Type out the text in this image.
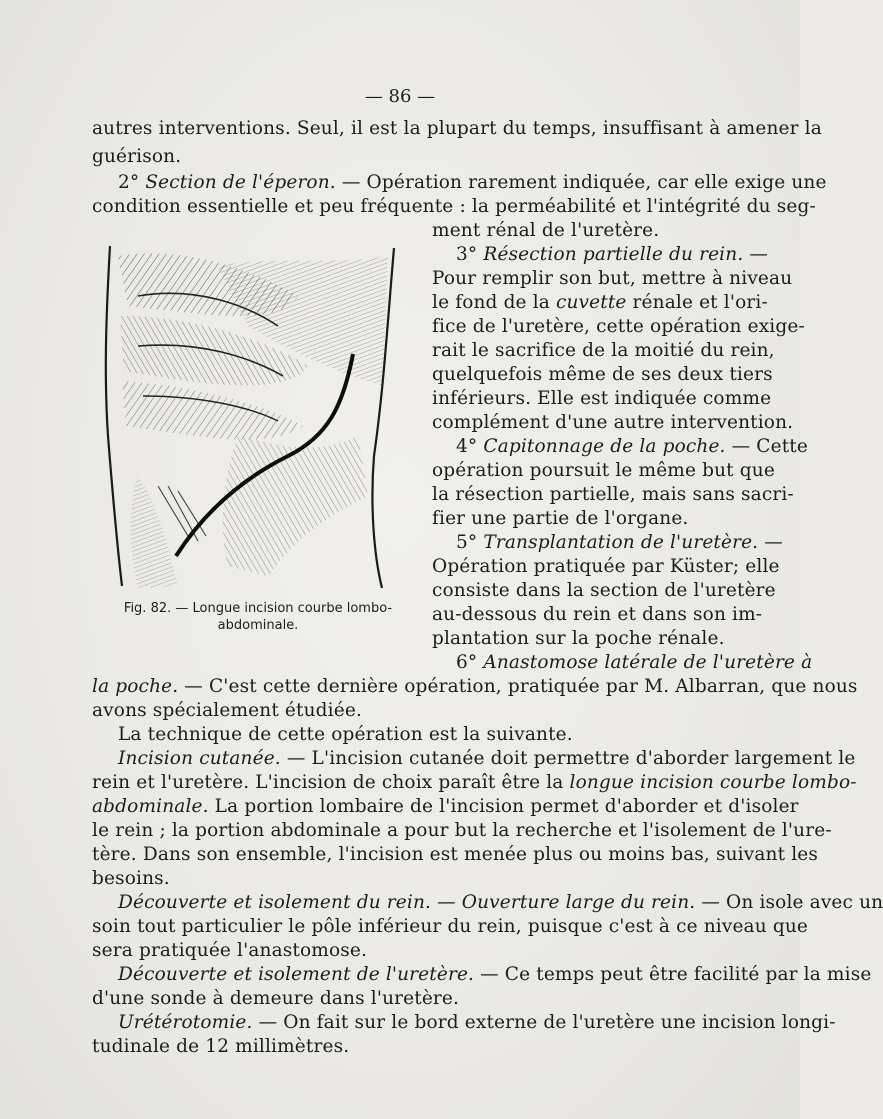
— 86 —
autres interventions. Seul, il est la plupart du temps, insuffisant à amener la
guérison.
2° Section de l'éperon. — Opération rarement indiquée, car elle exige une
condition essentielle et peu fréquente : la perméabilité et l'intégrité du seg-
ment rénal de l'uretère.
3° Résection partielle du rein. —
Pour remplir son but, mettre à niveau
le fond de la cuvette rénale et l'ori-
fice de l'uretère, cette opération exige-
rait le sacrifice de la moitié du rein,
quelquefois même de ses deux tiers
inférieurs. Elle est indiquée comme
complément d'une autre intervention.
4° Capitonnage de la poche. — Cette
opération poursuit le même but que
la résection partielle, mais sans sacri-
fier une partie de l'organe.
5° Transplantation de l'uretère. —
Opération pratiquée par Küster; elle
consiste dans la section de l'uretère
au-dessous du rein et dans son im-
plantation sur la poche rénale.
6° Anastomose latérale de l'uretère à
la poche. — C'est cette dernière opération, pratiquée par M. Albarran, que nous
avons spécialement étudiée.
La technique de cette opération est la suivante.
Incision cutanée. — L'incision cutanée doit permettre d'aborder largement le
rein et l'uretère. L'incision de choix paraît être la longue incision courbe lombo-
abdominale. La portion lombaire de l'incision permet d'aborder et d'isoler
le rein ; la portion abdominale a pour but la recherche et l'isolement de l'ure-
tère. Dans son ensemble, l'incision est menée plus ou moins bas, suivant les
besoins.
Découverte et isolement du rein. — Ouverture large du rein. — On isole avec un
soin tout particulier le pôle inférieur du rein, puisque c'est à ce niveau que
sera pratiquée l'anastomose.
Découverte et isolement de l'uretère. — Ce temps peut être facilité par la mise
d'une sonde à demeure dans l'uretère.
Urétérotomie. — On fait sur le bord externe de l'uretère une incision longi-
tudinale de 12 millimètres.
Fig. 82. — Longue incision courbe lombo-
abdominale.
